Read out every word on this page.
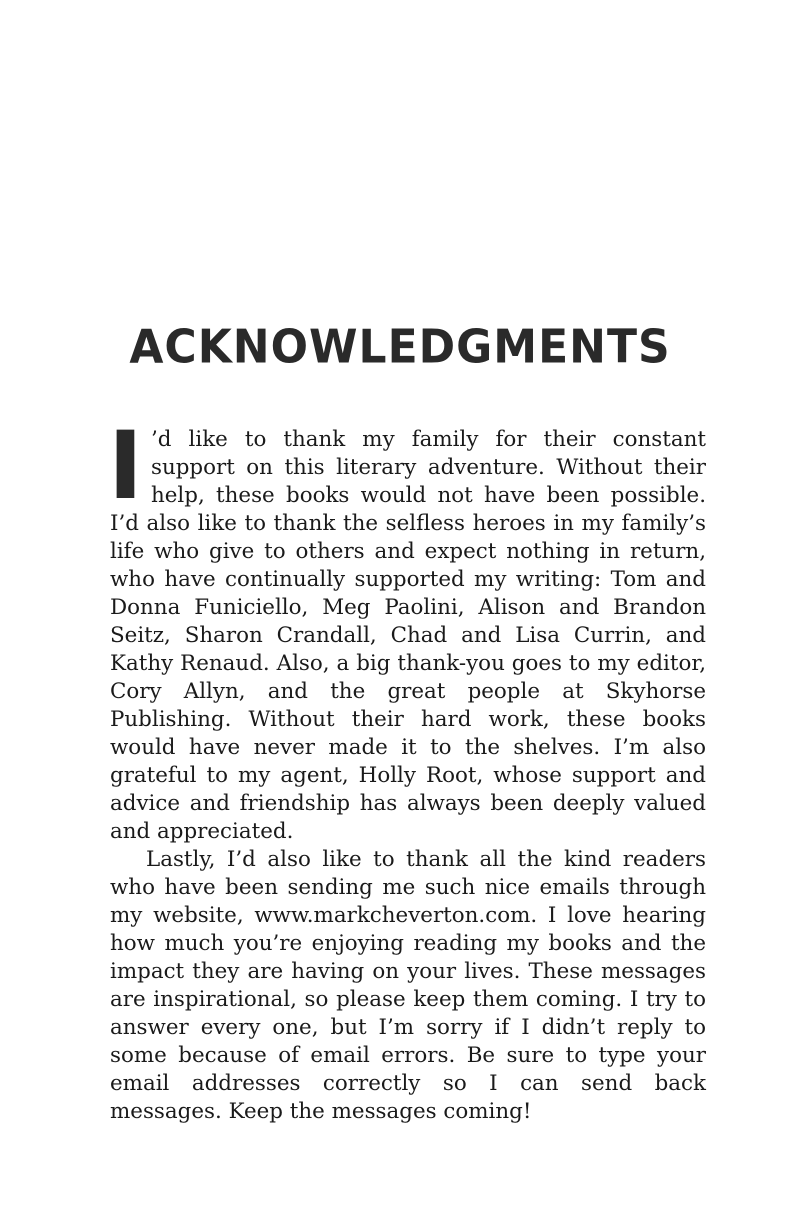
ACKNOWLEDGMENTS

I ’d like to thank my family for their constant support on this literary adventure. Without their help, these books would not have been possible. I’d also like to thank the selfless heroes in my family’s life who give to others and expect nothing in return, who have continually supported my writing: Tom and Donna Funiciello, Meg Paolini, Alison and Brandon Seitz, Sharon Crandall, Chad and Lisa Currin, and Kathy Renaud. Also, a big thank-you goes to my editor, Cory Allyn, and the great people at Skyhorse Publishing. Without their hard work, these books would have never made it to the shelves. I’m also grateful to my agent, Holly Root, whose support and advice and friendship has always been deeply valued and appreciated.

Lastly, I’d also like to thank all the kind readers who have been sending me such nice emails through my website, www.markcheverton.com. I love hearing how much you’re enjoying reading my books and the impact they are having on your lives. These messages are inspirational, so please keep them coming. I try to answer every one, but I’m sorry if I didn’t reply to some because of email errors. Be sure to type your email addresses correctly so I can send back messages. Keep the messages coming!
